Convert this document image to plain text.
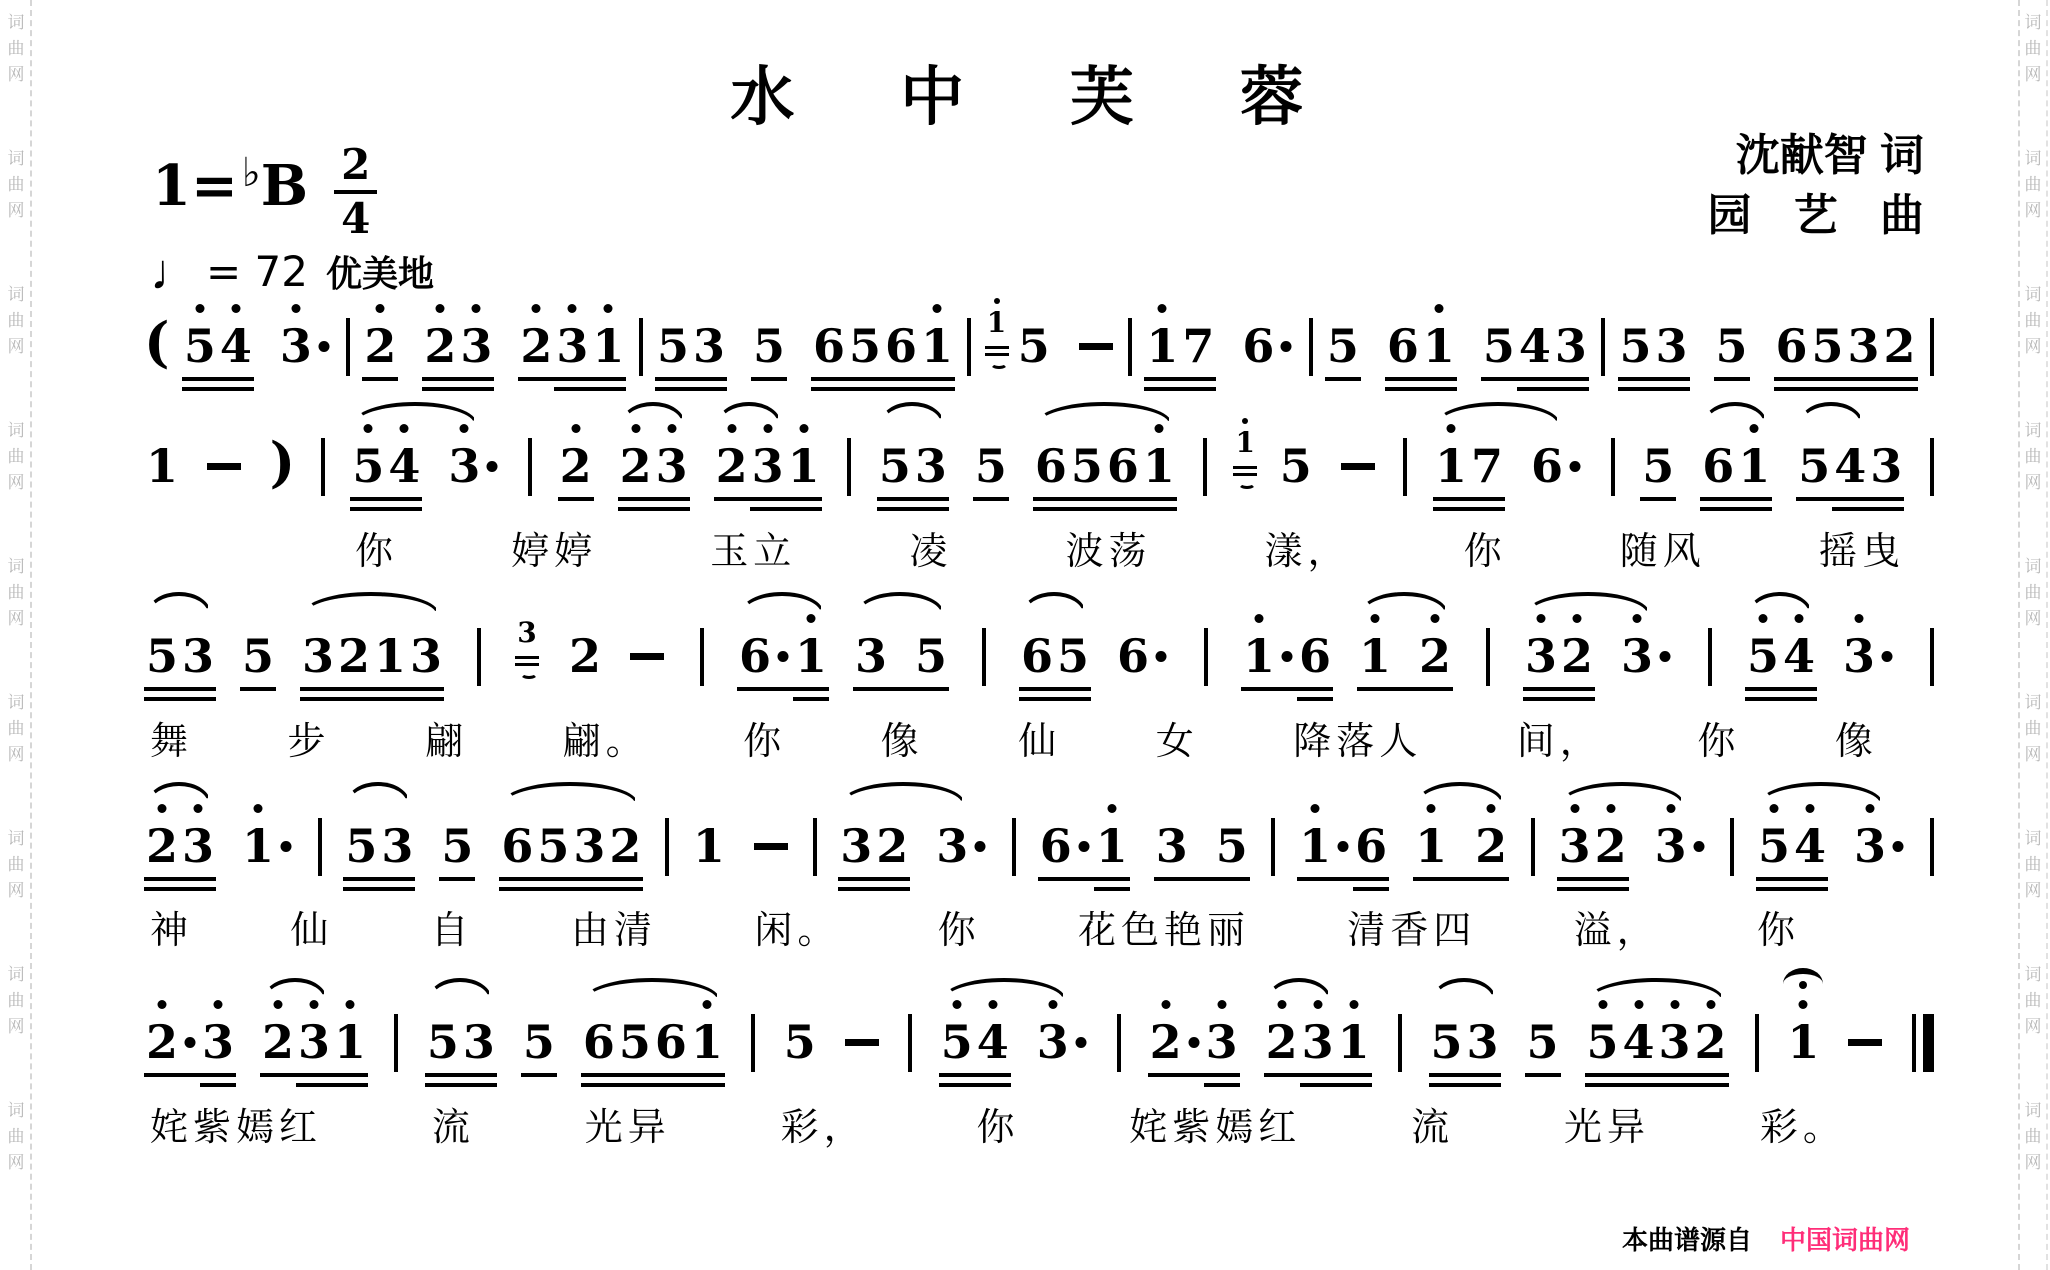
词
曲
网
词
曲
网
词
曲
网
词
曲
网
词
曲
网
词
曲
网
词
曲
网
词
曲
网
词
曲
网
词
曲
网
词
曲
网
词
曲
网
词
曲
网
词
曲
网
词
曲
网
词
曲
网
词
曲
网
词
曲
网
水 中 芙 蓉
沈献智 词
园 艺 曲
1= ♭ B $\frac{2}{4}$
♩ = 72 优美地
( 5 4 3 2 2 3 2 3 1 5 3 5 6 5 6 1 1 5 1 7 6 5 6 1 5 4 3 5 3 5 6 5 3 2
1 ) 5 4 3 2 2 3 2 3 1 5 3 5 6 5 6 1 1 5	1 7 6 5 6 1 5 4 3
你	婷婷	玉立	凌	波荡	漾，	你	随风	摇曳
5 3 5 3 2 1 3	3 2	6 1 3 5 6 5 6 1 6 1 2 3 2 3 5 4 3
舞 步 翩 翩。 你 像 仙 女 降落人 间， 你 像
2 3 1 5 3 5 6 5 3 2 1	3 2 3 6 1 3 5 1 6 1 2 3 2 3 5 4 3
神	仙	自	由清	闲。	你	花色艳丽	清香四	溢，	你
2 3 2 3 1 5 3 5 6 5 6 1 5	5 4 3 2 3 2 3 1 5 3 5 5 4 3 2 1
姹紫嫣红	流	光异	彩，	你	姹紫嫣红	流	光异	彩。
本曲谱源自 中国词曲网
